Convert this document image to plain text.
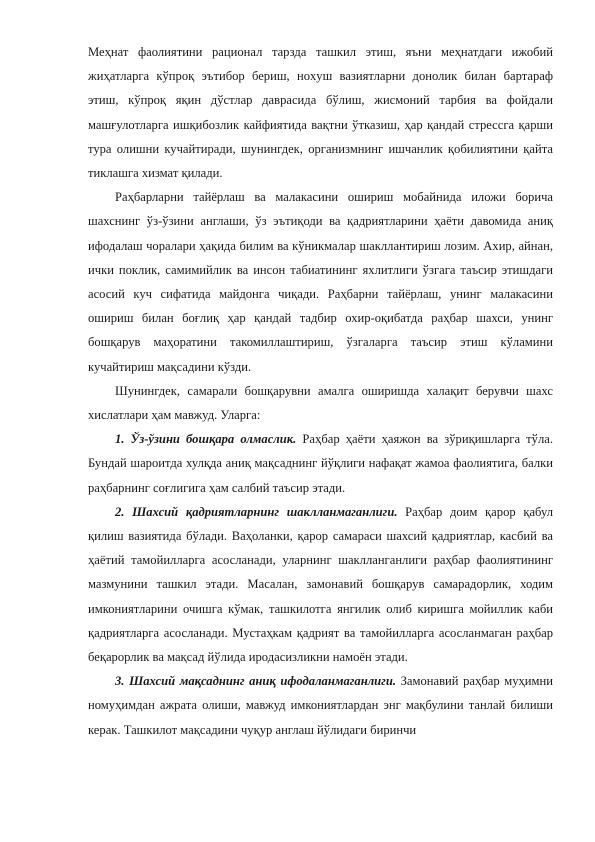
Меҳнат фаолиятини рационал тарзда ташкил этиш, яъни меҳнатдаги ижобий жиҳатларга кўпроқ эътибор бериш, ноxуш вазиятларни донолик билан бартараф этиш, кўпроқ яқин дўстлар даврасида бўлиш, жисмоний тарбия ва фойдали машғулотларга ишқибозлик кайфиятида вақтни ўтказиш, ҳар қандай стрессга қарши тура олишни кучайтиради, шунингдек, организмнинг ишчанлик қобилиятини қайта тиклашга хизмат қилади.

Раҳбарларни тайёрлаш ва малакасини ошириш мобайнида иложи борича шахснинг ўз-ўзини англаши, ўз эътиқоди ва қадриятларини ҳаёти давомида аниқ ифодалаш чоралари ҳақида билим ва кўникмалар шакллантириш лозим. Ахир, айнан, ички поклик, самимийлик ва инсон табиатининг яхлитлиги ўзгага таъсир этишдаги асосий куч сифатида майдонга чиқади. Раҳбарни тайёрлаш, унинг малакасини ошириш билан боғлиқ ҳар қандай тадбир охир-оқибатда раҳбар шахси, унинг бошқарув маҳоратини такомиллаштириш, ўзгаларга таъсир этиш кўламини кучайтириш мақсадини кўзди.

Шунингдек, самарали бошқарувни амалга оширишда халақит берувчи шахс хислатлари ҳам мавжуд. Уларга:

1. Ўз-ўзини бошқара олмаслик. Раҳбар ҳаёти ҳаяжон ва зўриқишларга тўла. Бундай шароитда хулқда аниқ мақсаднинг йўқлиги нафақат жамоа фаолиятига, балки раҳбарнинг соғлигига ҳам салбий таъсир этади.

2. Шахсий қадриятларнинг шаклланмаганлиги. Раҳбар доим қарор қабул қилиш вазиятида бўлади. Ваҳоланки, қарор самараси шахсий қадриятлар, касбий ва ҳаётий тамойилларга асосланади, уларнинг шаклланганлиги раҳбар фаолиятининг мазмунини ташкил этади. Масалан, замонавий бошқарув самарадорлик, ходим имкониятларини очишга кўмак, ташкилотга янгилик олиб киришга мойиллик каби қадриятларга асосланади. Мустаҳкам қадрият ва тамойилларга асосланмаган раҳбар беқарорлик ва мақсад йўлида иродасизликни намоён этади.

3. Шахсий мақсаднинг аниқ ифодаланмаганлиги. Замонавий раҳбар муҳимни номуҳимдан ажрата олиши, мавжуд имкониятлардан энг мақбулини танлай билиши керак. Ташкилот мақсадини чуқур англаш йўлидаги биринчи
